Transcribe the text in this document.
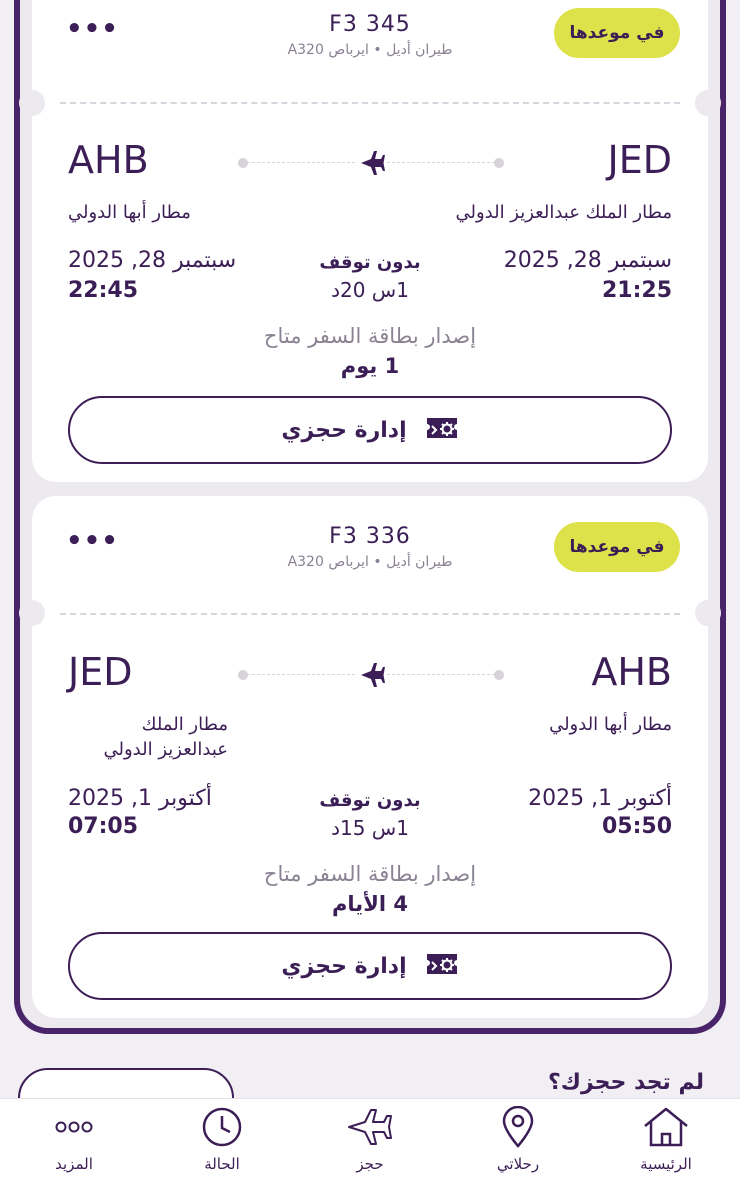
في موعدها
F3 345
طيران أديل • ايرباص A320
•••
JED
AHB
مطار الملك عبدالعزيز الدولي
مطار أبها الدولي
سبتمبر 28, 2025
21:25
سبتمبر 28, 2025
22:45
بدون توقف
1س 20د
إصدار بطاقة السفر متاح
1 يوم
إدارة حجزي
في موعدها
F3 336
طيران أديل • ايرباص A320
•••
AHB
JED
مطار أبها الدولي
مطار الملك
عبدالعزيز الدولي
أكتوبر 1, 2025
05:50
أكتوبر 1, 2025
07:05
بدون توقف
1س 15د
إصدار بطاقة السفر متاح
4 الأيام
إدارة حجزي
لم تجد حجزك؟
المزيد	الحالة	حجز	رحلاتي	الرئيسية
